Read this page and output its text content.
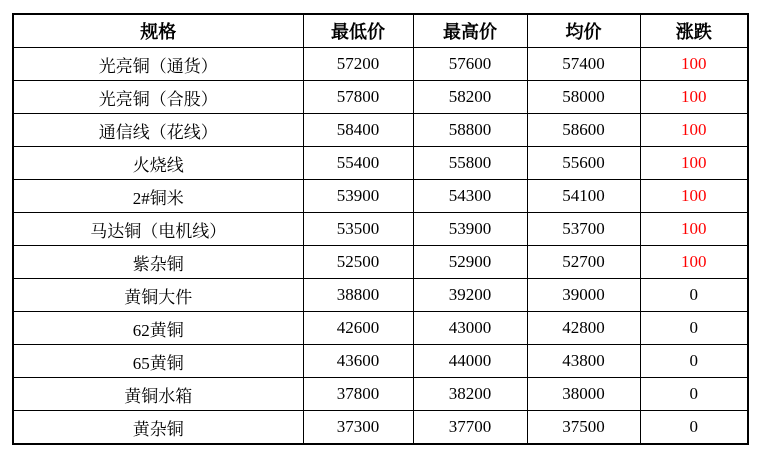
规格	最低价	最高价	均价	涨跌
光亮铜（通货）	57200	57600	57400	100
光亮铜（合股）	57800	58200	58000	100
通信线（花线）	58400	58800	58600	100
火烧线	55400	55800	55600	100
2#铜米	53900	54300	54100	100
马达铜（电机线）	53500	53900	53700	100
紫杂铜	52500	52900	52700	100
黄铜大件	38800	39200	39000	0
62黄铜	42600	43000	42800	0
65黄铜	43600	44000	43800	0
黄铜水箱	37800	38200	38000	0
黄杂铜	37300	37700	37500	0
